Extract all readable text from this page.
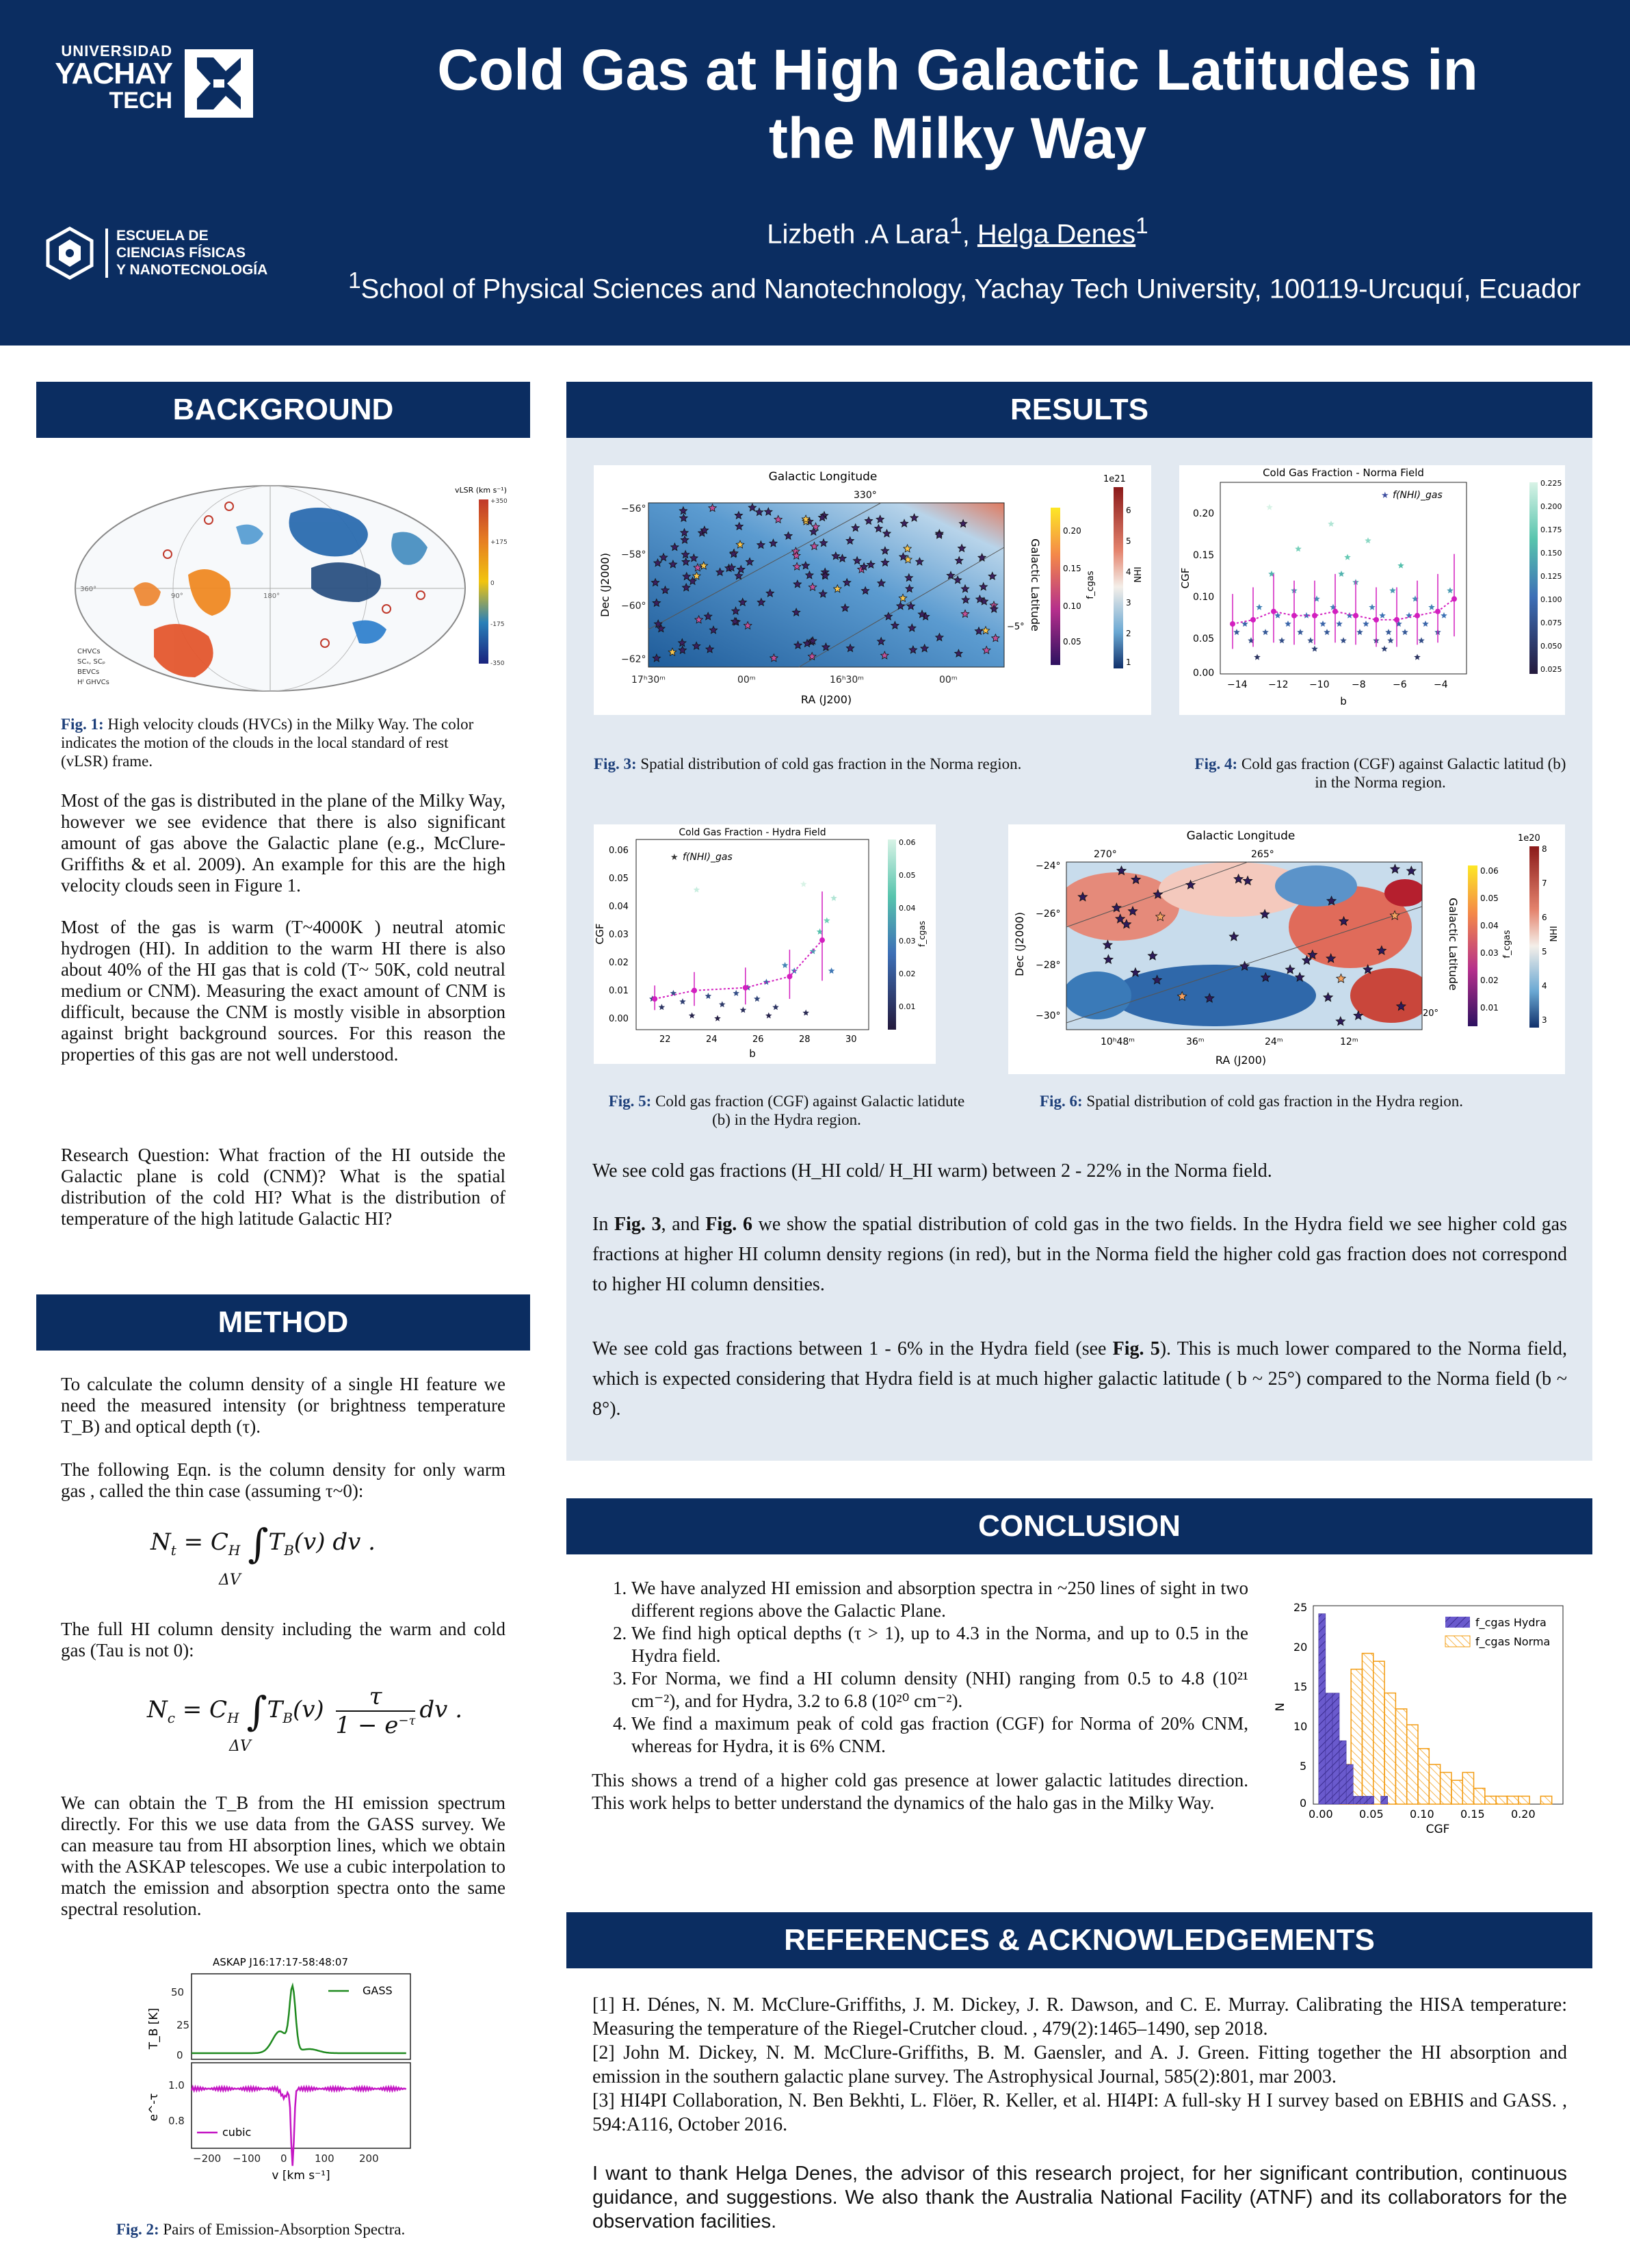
UNIVERSIDAD
YACHAY
TECH
ESCUELA DE
CIENCIAS FÍSICAS
Y NANOTECNOLOGÍA
Cold Gas at High Galactic Latitudes in
the Milky Way
Lizbeth .A Lara$^1$, Helga Denes$^1$
$^1$School of Physical Sciences and Nanotechnology, Yachay Tech University, 100119-Urcuquí, Ecuador
BACKGROUND
360°
180°
90°
CHVCs
SCₛ, SCₚ
BEVCs
Hᴵ GHVCs
vLSR (km s⁻¹)
+350
+175
0
-175
-350
Fig. 1: High velocity clouds (HVCs) in the Milky Way. The color indicates the motion of the clouds in the local standard of rest (vLSR) frame.
Most of the gas is distributed in the plane of the Milky Way, however we see evidence that there is also significant amount of gas above the Galactic plane (e.g., McClure-Griffiths & et al. 2009). An example for this are the high velocity clouds seen in Figure 1.
Most of the gas is warm (T~4000K ) neutral atomic hydrogen (HI). In addition to the warm HI there is also about 40% of the HI gas that is cold (T~ 50K, cold neutral medium or CNM). Measuring the exact amount of CNM is difficult, because the CNM is mostly visible in absorption against bright background sources. For this reason the properties of this gas are not well understood.
Research Question: What fraction of the HI outside the Galactic plane is cold (CNM)? What is the spatial distribution of the cold HI? What is the distribution of temperature of the high latitude Galactic HI?
METHOD
To calculate the column density of a single HI feature we need the measured intensity (or brightness temperature T_B) and optical depth (τ).
The following Eqn. is the column density for only warm gas , called the thin case (assuming τ~0):
$N_t = C_H$ $\int T_B(v)$ dv .
ΔV
The full HI column density including the warm and cold gas (Tau is not 0):
$N_c = C_H$ $\int T_B(v) \frac{\tau}{1 - e^{-\tau}}$ dv .
ΔV
We can obtain the T_B from the HI emission spectrum directly. For this we use data from the GASS survey. We can measure tau from HI absorption lines, which we obtain with the ASKAP telescopes. We use a cubic interpolation to match the emission and absorption spectra onto the same spectral resolution.
ASKAP J16:17:17-58:48:07
GASS
cubic
50
0
25
1.0
0.8
−200 −100 0	100 200
T_B [K]
e^-τ
v [km s⁻¹]
Fig. 2: Pairs of Emission-Absorption Spectra.
RESULTS
Galactic Longitude
330°
−5°
−56°
−58°
−60°
−62°
17ʰ30ᵐ	00ᵐ	16ʰ30ᵐ	00ᵐ
RA (J200)
Dec (J2000)	Galactic Latitude
0.20
0.15
0.10
0.05
f_cgas
1e21
6
5
4
3
2
1
NHI
Cold Gas Fraction - Norma Field
★ f(NHI)_gas
0.20
0.15
0.10
0.05
0.00
−14 −12 −10 −8	−6	−4
b
CGF
0.225
0.200
0.175
0.150
0.125
0.100
0.075
0.050
0.025
Fig. 3: Spatial distribution of cold gas fraction in the Norma region.	Fig. 4: Cold gas fraction (CGF) against Galactic latitud (b) in the Norma region.
Cold Gas Fraction - Hydra Field
★ f(NHI)_gas
0.06
0.05
0.04
0.03
0.02
0.01
0.00
22	24	26	28	30
b
CGF
0.06
0.05
0.04
0.03
0.02
0.01
f_cgas
Galactic Longitude
270°	265°
20°
−24°
−26°
−28°
−30°
10ʰ48ᵐ	36ᵐ	24ᵐ	12ᵐ
RA (J200)
Dec (J2000)
0.06
0.05
0.04
0.03
0.02
0.01
Galactic Latitude	f_cgas
1e20
8
7
6
5
4
3
NHI
Fig. 5: Cold gas fraction (CGF) against Galactic latidute (b) in the Hydra region.
Fig. 6: Spatial distribution of cold gas fraction in the Hydra region.
We see cold gas fractions (H_HI cold/ H_HI warm) between 2 - 22% in the Norma field.
In Fig. 3, and Fig. 6 we show the spatial distribution of cold gas in the two fields. In the Hydra field we see higher cold gas fractions at higher HI column density regions (in red), but in the Norma field the higher cold gas fraction does not correspond to higher HI column densities.
We see cold gas fractions between 1 - 6% in the Hydra field (see Fig. 5). This is much lower compared to the Norma field, which is expected considering that Hydra field is at much higher galactic latitude ( b ~ 25°) compared to the Norma field (b ~ 8°).
CONCLUSION
1. We have analyzed HI emission and absorption spectra in ~250 lines of sight in two different regions above the Galactic Plane.
2. We find high optical depths (τ > 1), up to 4.3 in the Norma, and up to 0.5 in the Hydra field.
3. For Norma, we find a HI column density (NHI) ranging from 0.5 to 4.8 (10²¹ cm⁻²), and for Hydra, 3.2 to 6.8 (10²⁰ cm⁻²).
4. We find a maximum peak of cold gas fraction (CGF) for Norma of 20% CNM, whereas for Hydra, it is 6% CNM.
This shows a trend of a higher cold gas presence at lower galactic latitudes direction. This work helps to better understand the dynamics of the halo gas in the Milky Way.
f_cgas Hydra
f_cgas Norma
25
20
15
10
5
0
0.00 0.05 0.10 0.15 0.20
CGF
N
REFERENCES & ACKNOWLEDGEMENTS
[1] H. Dénes, N. M. McClure-Griffiths, J. M. Dickey, J. R. Dawson, and C. E. Murray. Calibrating the HISA temperature: Measuring the temperature of the Riegel-Crutcher cloud. , 479(2):1465–1490, sep 2018.
[2] John M. Dickey, N. M. McClure-Griffiths, B. M. Gaensler, and A. J. Green. Fitting together the HI absorption and emission in the southern galactic plane survey. The Astrophysical Journal, 585(2):801, mar 2003.
[3] HI4PI Collaboration, N. Ben Bekhti, L. Flöer, R. Keller, et al. HI4PI: A full-sky H I survey based on EBHIS and GASS. , 594:A116, October 2016.
I want to thank Helga Denes, the advisor of this research project, for her significant contribution, continuous guidance, and suggestions. We also thank the Australia National Facility (ATNF) and its collaborators for the observation facilities.
